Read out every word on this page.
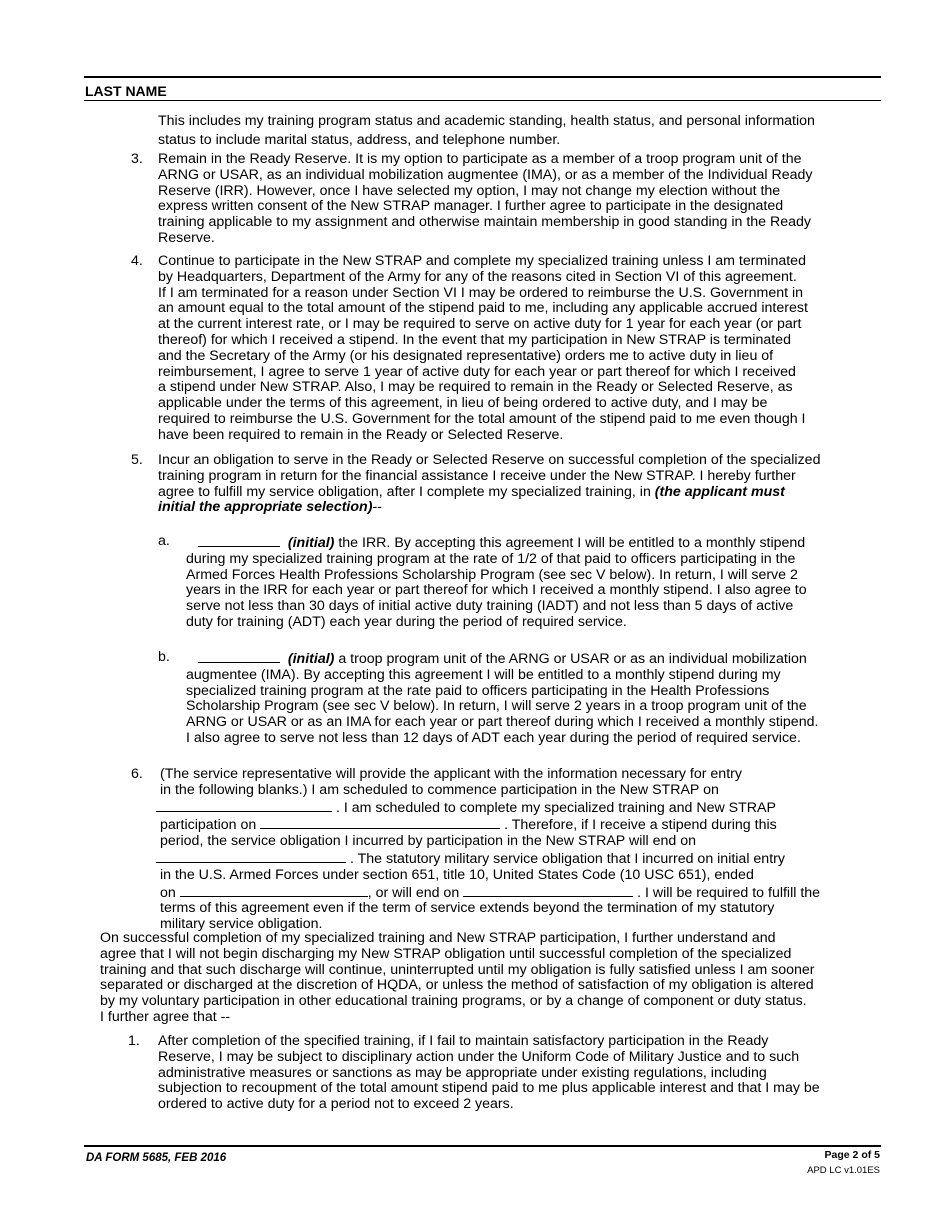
LAST NAME
This includes my training program status and academic standing, health status, and personal information
status to include marital status, address, and telephone number.
3. Remain in the Ready Reserve. It is my option to participate as a member of a troop program unit of the
ARNG or USAR, as an individual mobilization augmentee (IMA), or as a member of the Individual Ready
Reserve (IRR). However, once I have selected my option, I may not change my election without the
express written consent of the New STRAP manager. I further agree to participate in the designated
training applicable to my assignment and otherwise maintain membership in good standing in the Ready
Reserve.
4. Continue to participate in the New STRAP and complete my specialized training unless I am terminated
by Headquarters, Department of the Army for any of the reasons cited in Section VI of this agreement.
If I am terminated for a reason under Section VI I may be ordered to reimburse the U.S. Government in
an amount equal to the total amount of the stipend paid to me, including any applicable accrued interest
at the current interest rate, or I may be required to serve on active duty for 1 year for each year (or part
thereof) for which I received a stipend. In the event that my participation in New STRAP is terminated
and the Secretary of the Army (or his designated representative) orders me to active duty in lieu of
reimbursement, I agree to serve 1 year of active duty for each year or part thereof for which I received
a stipend under New STRAP. Also, I may be required to remain in the Ready or Selected Reserve, as
applicable under the terms of this agreement, in lieu of being ordered to active duty, and I may be
required to reimburse the U.S. Government for the total amount of the stipend paid to me even though I
have been required to remain in the Ready or Selected Reserve.
5. Incur an obligation to serve in the Ready or Selected Reserve on successful completion of the specialized
training program in return for the financial assistance I receive under the New STRAP. I hereby further
agree to fulfill my service obligation, after I complete my specialized training, in (the applicant must
initial the appropriate selection)--
a.	(initial) the IRR. By accepting this agreement I will be entitled to a monthly stipend
during my specialized training program at the rate of 1/2 of that paid to officers participating in the
Armed Forces Health Professions Scholarship Program (see sec V below). In return, I will serve 2
years in the IRR for each year or part thereof for which I received a monthly stipend. I also agree to
serve not less than 30 days of initial active duty training (IADT) and not less than 5 days of active
duty for training (ADT) each year during the period of required service.
b.	(initial) a troop program unit of the ARNG or USAR or as an individual mobilization
augmentee (IMA). By accepting this agreement I will be entitled to a monthly stipend during my
specialized training program at the rate paid to officers participating in the Health Professions
Scholarship Program (see sec V below). In return, I will serve 2 years in a troop program unit of the
ARNG or USAR or as an IMA for each year or part thereof during which I received a monthly stipend.
I also agree to serve not less than 12 days of ADT each year during the period of required service.
6. (The service representative will provide the applicant with the information necessary for entry
in the following blanks.) I am scheduled to commence participation in the New STRAP on
. I am scheduled to complete my specialized training and New STRAP
participation on	. Therefore, if I receive a stipend during this
period, the service obligation I incurred by participation in the New STRAP will end on
. The statutory military service obligation that I incurred on initial entry
in the U.S. Armed Forces under section 651, title 10, United States Code (10 USC 651), ended
on	, or will end on	. I will be required to fulfill the
terms of this agreement even if the term of service extends beyond the termination of my statutory
military service obligation.
On successful completion of my specialized training and New STRAP participation, I further understand and
agree that I will not begin discharging my New STRAP obligation until successful completion of the specialized
training and that such discharge will continue, uninterrupted until my obligation is fully satisfied unless I am sooner
separated or discharged at the discretion of HQDA, or unless the method of satisfaction of my obligation is altered
by my voluntary participation in other educational training programs, or by a change of component or duty status.
I further agree that --
1. After completion of the specified training, if I fail to maintain satisfactory participation in the Ready
Reserve, I may be subject to disciplinary action under the Uniform Code of Military Justice and to such
administrative measures or sanctions as may be appropriate under existing regulations, including
subjection to recoupment of the total amount stipend paid to me plus applicable interest and that I may be
ordered to active duty for a period not to exceed 2 years.
DA FORM 5685, FEB 2016	Page 2 of 5
APD LC v1.01ES
